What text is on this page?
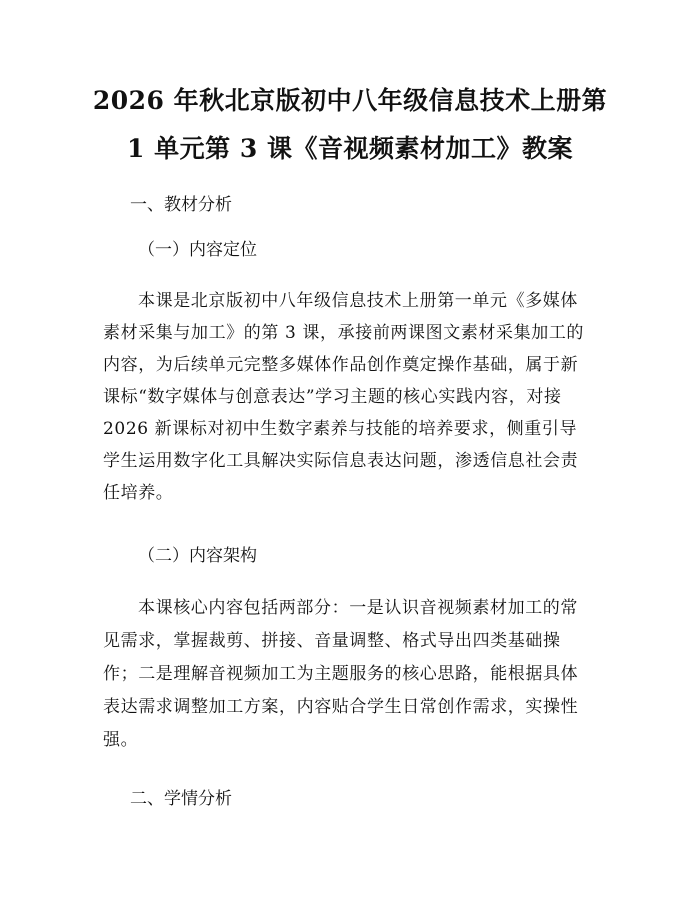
2026 年秋北京版初中八年级信息技术上册第
1 单元第 3 课《音视频素材加工》教案
一、教材分析
（一）内容定位
本课是北京版初中八年级信息技术上册第一单元《多媒体
素材采集与加工》的第 3 课，承接前两课图文素材采集加工的
内容，为后续单元完整多媒体作品创作奠定操作基础，属于新
课标“数字媒体与创意表达”学习主题的核心实践内容，对接
2026 新课标对初中生数字素养与技能的培养要求，侧重引导
学生运用数字化工具解决实际信息表达问题，渗透信息社会责
任培养。
（二）内容架构
本课核心内容包括两部分：一是认识音视频素材加工的常
见需求，掌握裁剪、拼接、音量调整、格式导出四类基础操
作；二是理解音视频加工为主题服务的核心思路，能根据具体
表达需求调整加工方案，内容贴合学生日常创作需求，实操性
强。
二、学情分析
